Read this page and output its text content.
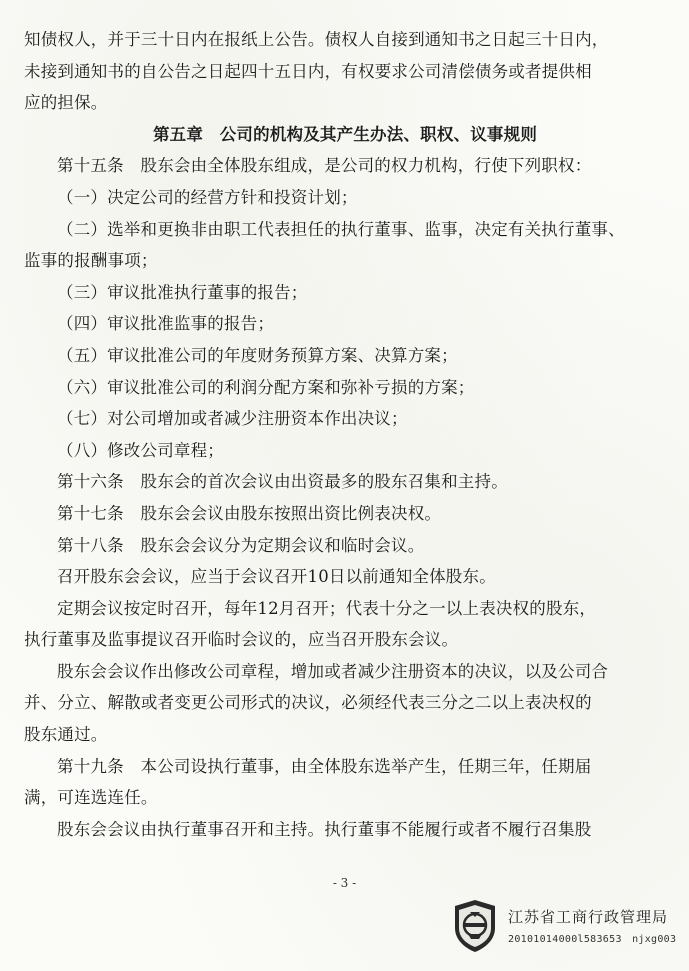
知债权人，并于三十日内在报纸上公告。债权人自接到通知书之日起三十日内，
未接到通知书的自公告之日起四十五日内，有权要求公司清偿债务或者提供相
应的担保。
第五章　公司的机构及其产生办法、职权、议事规则
第十五条　股东会由全体股东组成，是公司的权力机构，行使下列职权：
（一）决定公司的经营方针和投资计划；
（二）选举和更换非由职工代表担任的执行董事、监事，决定有关执行董事、
监事的报酬事项；
（三）审议批准执行董事的报告；
（四）审议批准监事的报告；
（五）审议批准公司的年度财务预算方案、决算方案；
（六）审议批准公司的利润分配方案和弥补亏损的方案；
（七）对公司增加或者减少注册资本作出决议；
（八）修改公司章程；
第十六条　股东会的首次会议由出资最多的股东召集和主持。
第十七条　股东会会议由股东按照出资比例表决权。
第十八条　股东会会议分为定期会议和临时会议。
召开股东会会议，应当于会议召开10日以前通知全体股东。
定期会议按定时召开，每年12月召开；代表十分之一以上表决权的股东，
执行董事及监事提议召开临时会议的，应当召开股东会议。
股东会会议作出修改公司章程，增加或者减少注册资本的决议，以及公司合
并、分立、解散或者变更公司形式的决议，必须经代表三分之二以上表决权的
股东通过。
第十九条　本公司设执行董事，由全体股东选举产生，任期三年，任期届
满，可连选连任。
股东会会议由执行董事召开和主持。执行董事不能履行或者不履行召集股
- 3 -
江苏省工商行政管理局
20101014000l583653　njxg003
